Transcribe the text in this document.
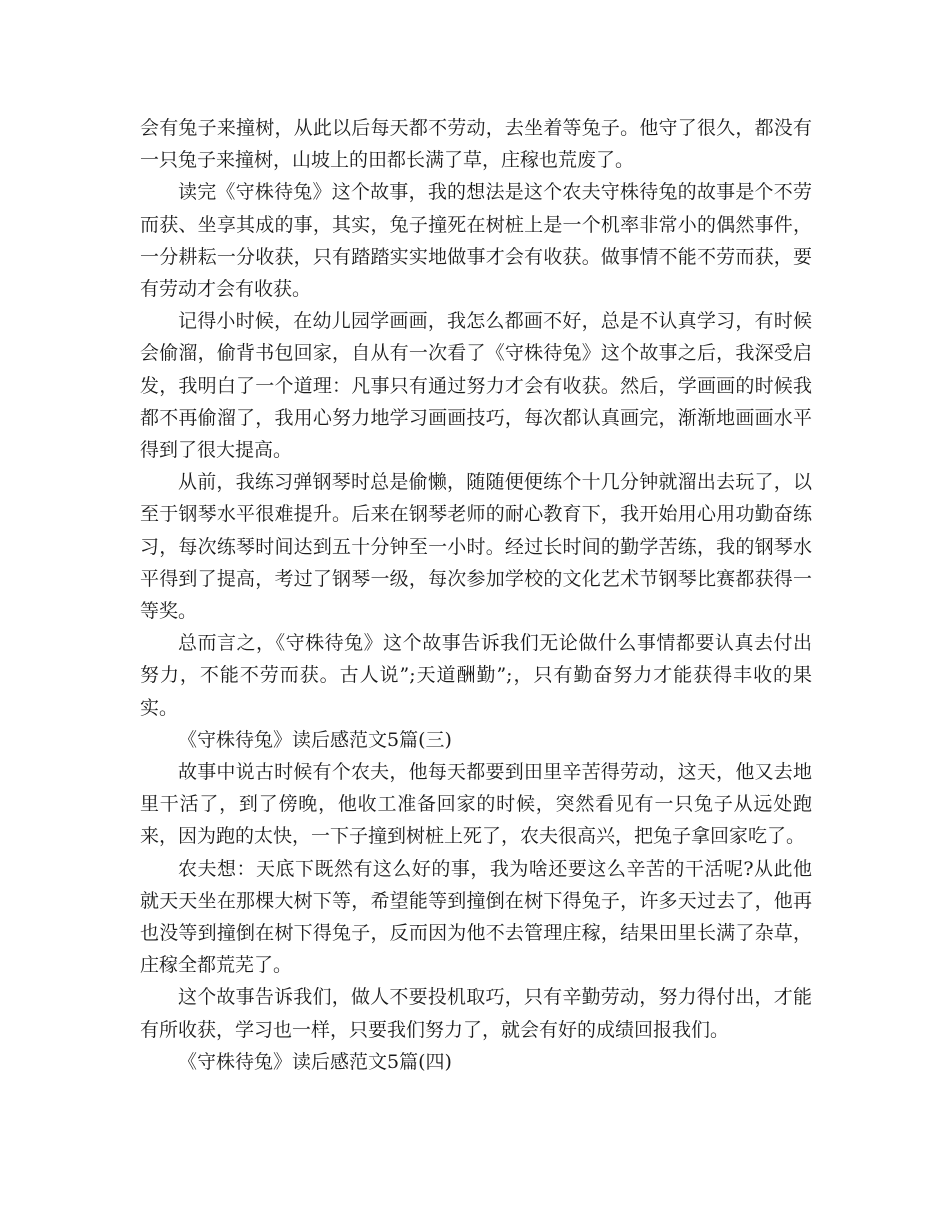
会有兔子来撞树，从此以后每天都不劳动，去坐着等兔子。他守了很久，都没有一只兔子来撞树，山坡上的田都长满了草，庄稼也荒废了。

读完《守株待兔》这个故事，我的想法是这个农夫守株待兔的故事是个不劳而获、坐享其成的事，其实，兔子撞死在树桩上是一个机率非常小的偶然事件，一分耕耘一分收获，只有踏踏实实地做事才会有收获。做事情不能不劳而获，要有劳动才会有收获。

记得小时候，在幼儿园学画画，我怎么都画不好，总是不认真学习，有时候会偷溜，偷背书包回家，自从有一次看了《守株待兔》这个故事之后，我深受启发，我明白了一个道理：凡事只有通过努力才会有收获。然后，学画画的时候我都不再偷溜了，我用心努力地学习画画技巧，每次都认真画完，渐渐地画画水平得到了很大提高。

从前，我练习弹钢琴时总是偷懒，随随便便练个十几分钟就溜出去玩了，以至于钢琴水平很难提升。后来在钢琴老师的耐心教育下，我开始用心用功勤奋练习，每次练琴时间达到五十分钟至一小时。经过长时间的勤学苦练，我的钢琴水平得到了提高，考过了钢琴一级，每次参加学校的文化艺术节钢琴比赛都获得一等奖。

总而言之，《守株待兔》这个故事告诉我们无论做什么事情都要认真去付出努力，不能不劳而获。古人说”;天道酬勤”;，只有勤奋努力才能获得丰收的果实。

《守株待兔》读后感范文5篇(三)

故事中说古时候有个农夫，他每天都要到田里辛苦得劳动，这天，他又去地里干活了，到了傍晚，他收工准备回家的时候，突然看见有一只兔子从远处跑来，因为跑的太快，一下子撞到树桩上死了，农夫很高兴，把兔子拿回家吃了。

农夫想：天底下既然有这么好的事，我为啥还要这么辛苦的干活呢?从此他就天天坐在那棵大树下等，希望能等到撞倒在树下得兔子，许多天过去了，他再也没等到撞倒在树下得兔子，反而因为他不去管理庄稼，结果田里长满了杂草，庄稼全都荒芜了。

这个故事告诉我们，做人不要投机取巧，只有辛勤劳动，努力得付出，才能有所收获，学习也一样，只要我们努力了，就会有好的成绩回报我们。

《守株待兔》读后感范文5篇(四)
